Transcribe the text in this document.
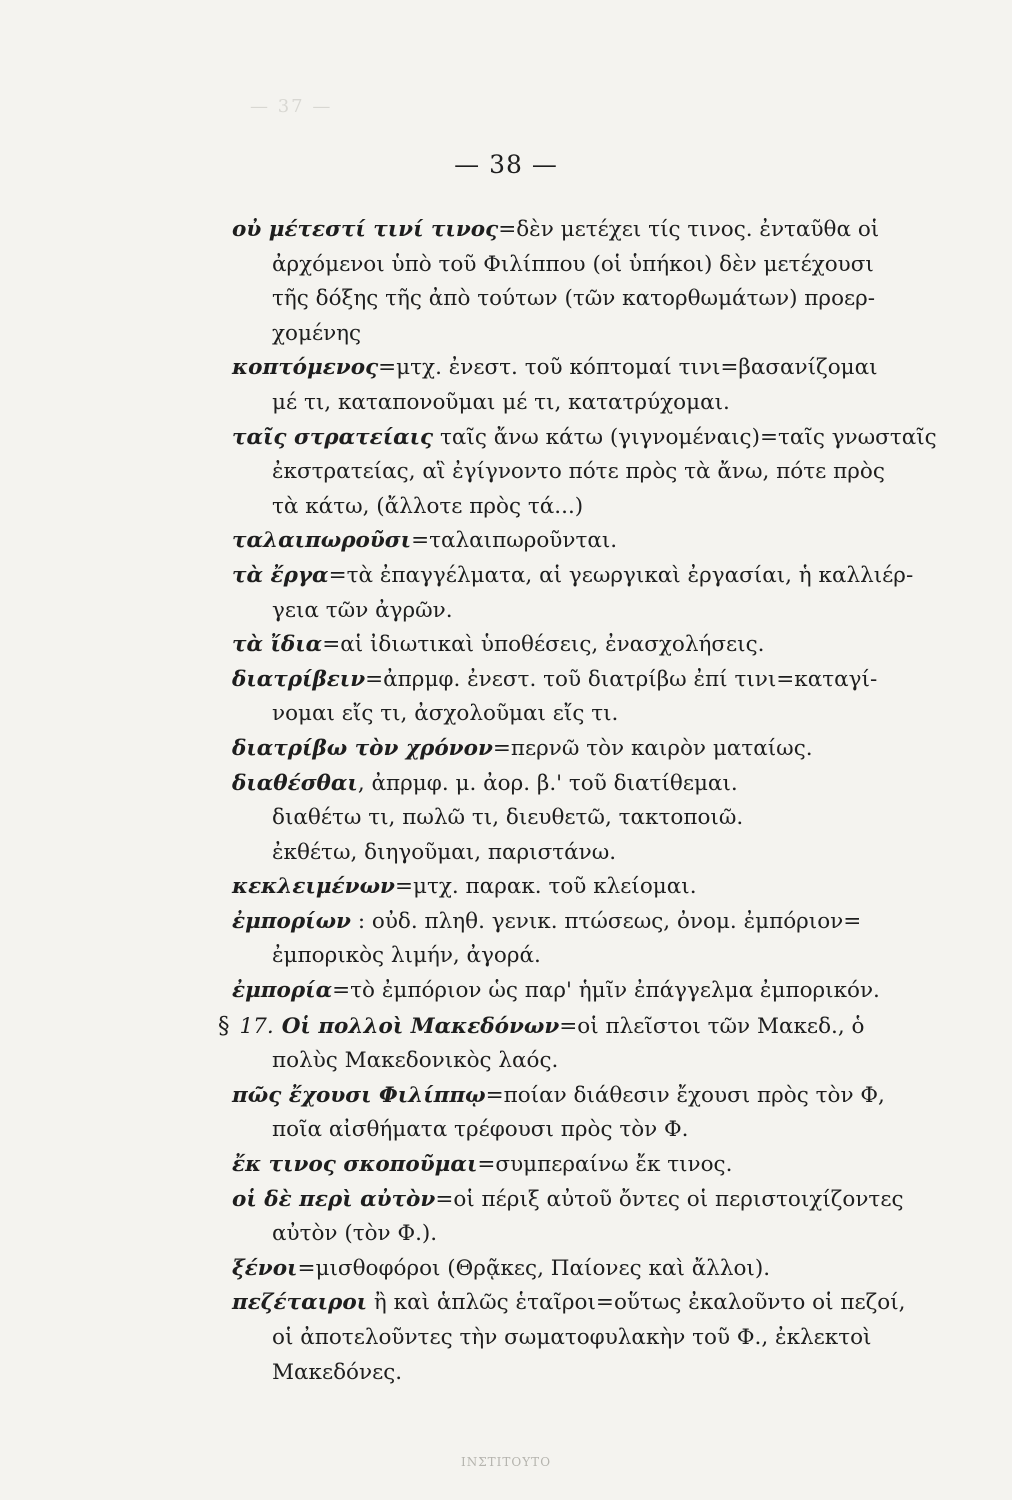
— 37 —
— 38 —
οὐ μέτεστί τινί τινος=δὲν μετέχει τίς τινος. ἐνταῦθα οἱ
ἀρχόμενοι ὑπὸ τοῦ Φιλίππου (οἱ ὑπήκοι) δὲν μετέχουσι
τῆς δόξης τῆς ἀπὸ τούτων (τῶν κατορθωμάτων) προερ-
χομένης
κοπτόμενος=μτχ. ἐνεστ. τοῦ κόπτομαί τινι=βασανίζομαι
μέ τι, καταπονοῦμαι μέ τι, κατατρύχομαι.
ταῖς στρατείαις ταῖς ἄνω κάτω (γιγνομέναις)=ταῖς γνωσταῖς
ἐκστρατείας, αἳ ἐγίγνοντο πότε πρὸς τὰ ἄνω, πότε πρὸς
τὰ κάτω, (ἄλλοτε πρὸς τά...)
ταλαιπωροῦσι=ταλαιπωροῦνται.
τὰ ἔργα=τὰ ἐπαγγέλματα, αἱ γεωργικαὶ ἐργασίαι, ἡ καλλιέρ-
γεια τῶν ἀγρῶν.
τὰ ἴδια=αἱ ἰδιωτικαὶ ὑποθέσεις, ἐνασχολήσεις.
διατρίβειν=ἀπρμφ. ἐνεστ. τοῦ διατρίβω ἐπί τινι=καταγί-
νομαι εἴς τι, ἀσχολοῦμαι εἴς τι.
διατρίβω τὸν χρόνον=περνῶ τὸν καιρὸν ματαίως.
διαθέσθαι, ἀπρμφ. μ. ἀορ. β.' τοῦ διατίθεμαι.
διαθέτω τι, πωλῶ τι, διευθετῶ, τακτοποιῶ.
ἐκθέτω, διηγοῦμαι, παριστάνω.
κεκλειμένων=μτχ. παρακ. τοῦ κλείομαι.
ἐμπορίων : οὐδ. πληθ. γενικ. πτώσεως, ὀνομ. ἐμπόριον=
ἐμπορικὸς λιμήν, ἀγορά.
ἐμπορία=τὸ ἐμπόριον ὡς παρ' ἡμῖν ἐπάγγελμα ἐμπορικόν.
§ 17. Οἱ πολλοὶ Μακεδόνων=οἱ πλεῖστοι τῶν Μακεδ., ὁ
πολὺς Μακεδονικὸς λαός.
πῶς ἔχουσι Φιλίππῳ=ποίαν διάθεσιν ἔχουσι πρὸς τὸν Φ,
ποῖα αἰσθήματα τρέφουσι πρὸς τὸν Φ.
ἔκ τινος σκοποῦμαι=συμπεραίνω ἔκ τινος.
οἱ δὲ περὶ αὐτὸν=οἱ πέριξ αὐτοῦ ὄντες οἱ περιστοιχίζοντες
αὐτὸν (τὸν Φ.).
ξένοι=μισθοφόροι (Θρᾷκες, Παίονες καὶ ἄλλοι).
πεζέταιροι ἢ καὶ ἁπλῶς ἑταῖροι=οὕτως ἐκαλοῦντο οἱ πεζοί,
οἱ ἀποτελοῦντες τὴν σωματοφυλακὴν τοῦ Φ., ἐκλεκτοὶ
Μακεδόνες.
ΙΝΣΤΙΤΟΥΤΟ
